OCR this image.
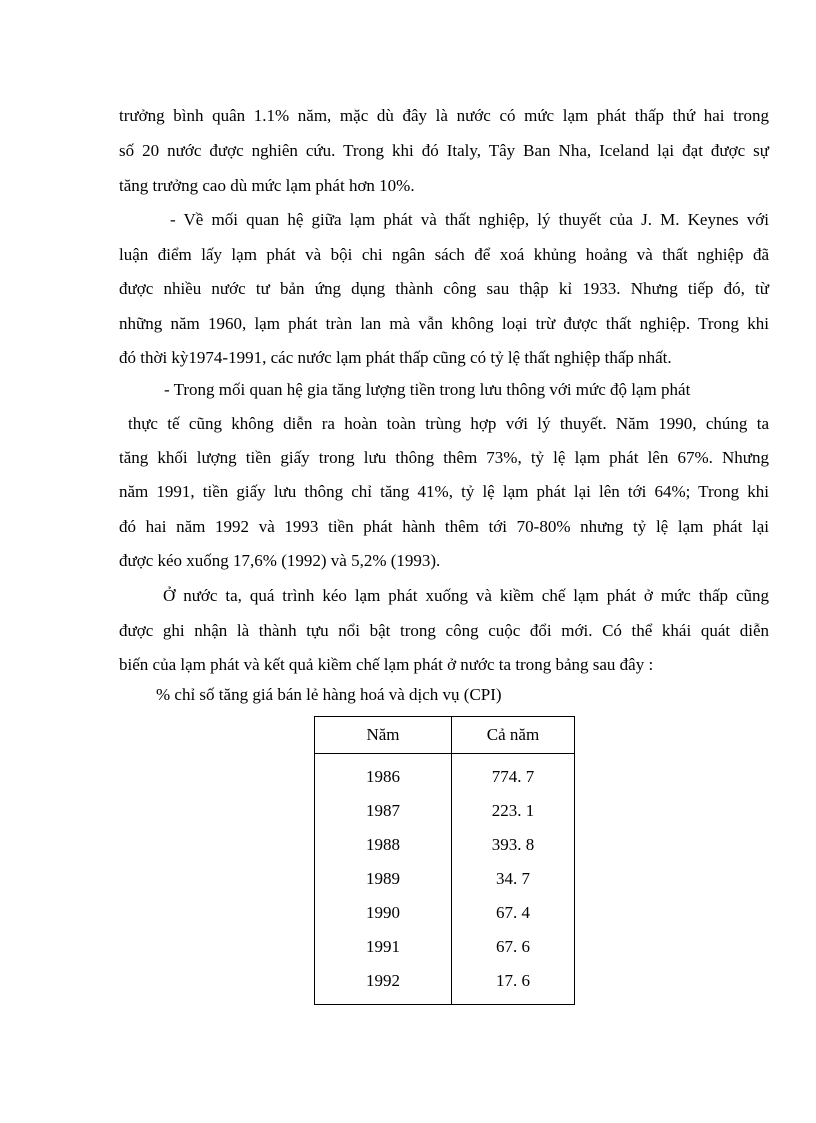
trưởng bình quân 1.1% năm, mặc dù đây là nước có mức lạm phát thấp thứ hai trong
số 20 nước được nghiên cứu. Trong khi đó Italy, Tây Ban Nha, Iceland lại đạt được sự
tăng trưởng cao dù mức lạm phát hơn 10%.
- Về mối quan hệ giữa lạm phát và thất nghiệp, lý thuyết của J. M. Keynes với
luận điểm lấy lạm phát và bội chi ngân sách để xoá khủng hoảng và thất nghiệp đã
được nhiều nước tư bản ứng dụng thành công sau thập kỉ 1933. Nhưng tiếp đó, từ
những năm 1960, lạm phát tràn lan mà vẫn không loại trừ được thất nghiệp. Trong khi
đó thời kỳ1974-1991, các nước lạm phát thấp cũng có tỷ lệ thất nghiệp thấp nhất.
- Trong mối quan hệ gia tăng lượng tiền trong lưu thông với mức độ lạm phát
thực tế cũng không diễn ra hoàn toàn trùng hợp với lý thuyết. Năm 1990, chúng ta
tăng khối lượng tiền giấy trong lưu thông thêm 73%, tỷ lệ lạm phát lên 67%. Nhưng
năm 1991, tiền giấy lưu thông chỉ tăng 41%, tỷ lệ lạm phát lại lên tới 64%; Trong khi
đó hai năm 1992 và 1993 tiền phát hành thêm tới 70-80% nhưng tỷ lệ lạm phát lại
được kéo xuống 17,6% (1992) và 5,2% (1993).
Ở nước ta, quá trình kéo lạm phát xuống và kiềm chế lạm phát ở mức thấp cũng
được ghi nhận là thành tựu nổi bật trong công cuộc đổi mới. Có thể khái quát diễn
biến của lạm phát và kết quả kiềm chế lạm phát ở nước ta trong bảng sau đây :
% chỉ số tăng giá bán lẻ hàng hoá và dịch vụ (CPI)
Năm	Cả năm
1986	774. 7
1987	223. 1
1988	393. 8
1989	34. 7
1990	67. 4
1991	67. 6
1992	17. 6
